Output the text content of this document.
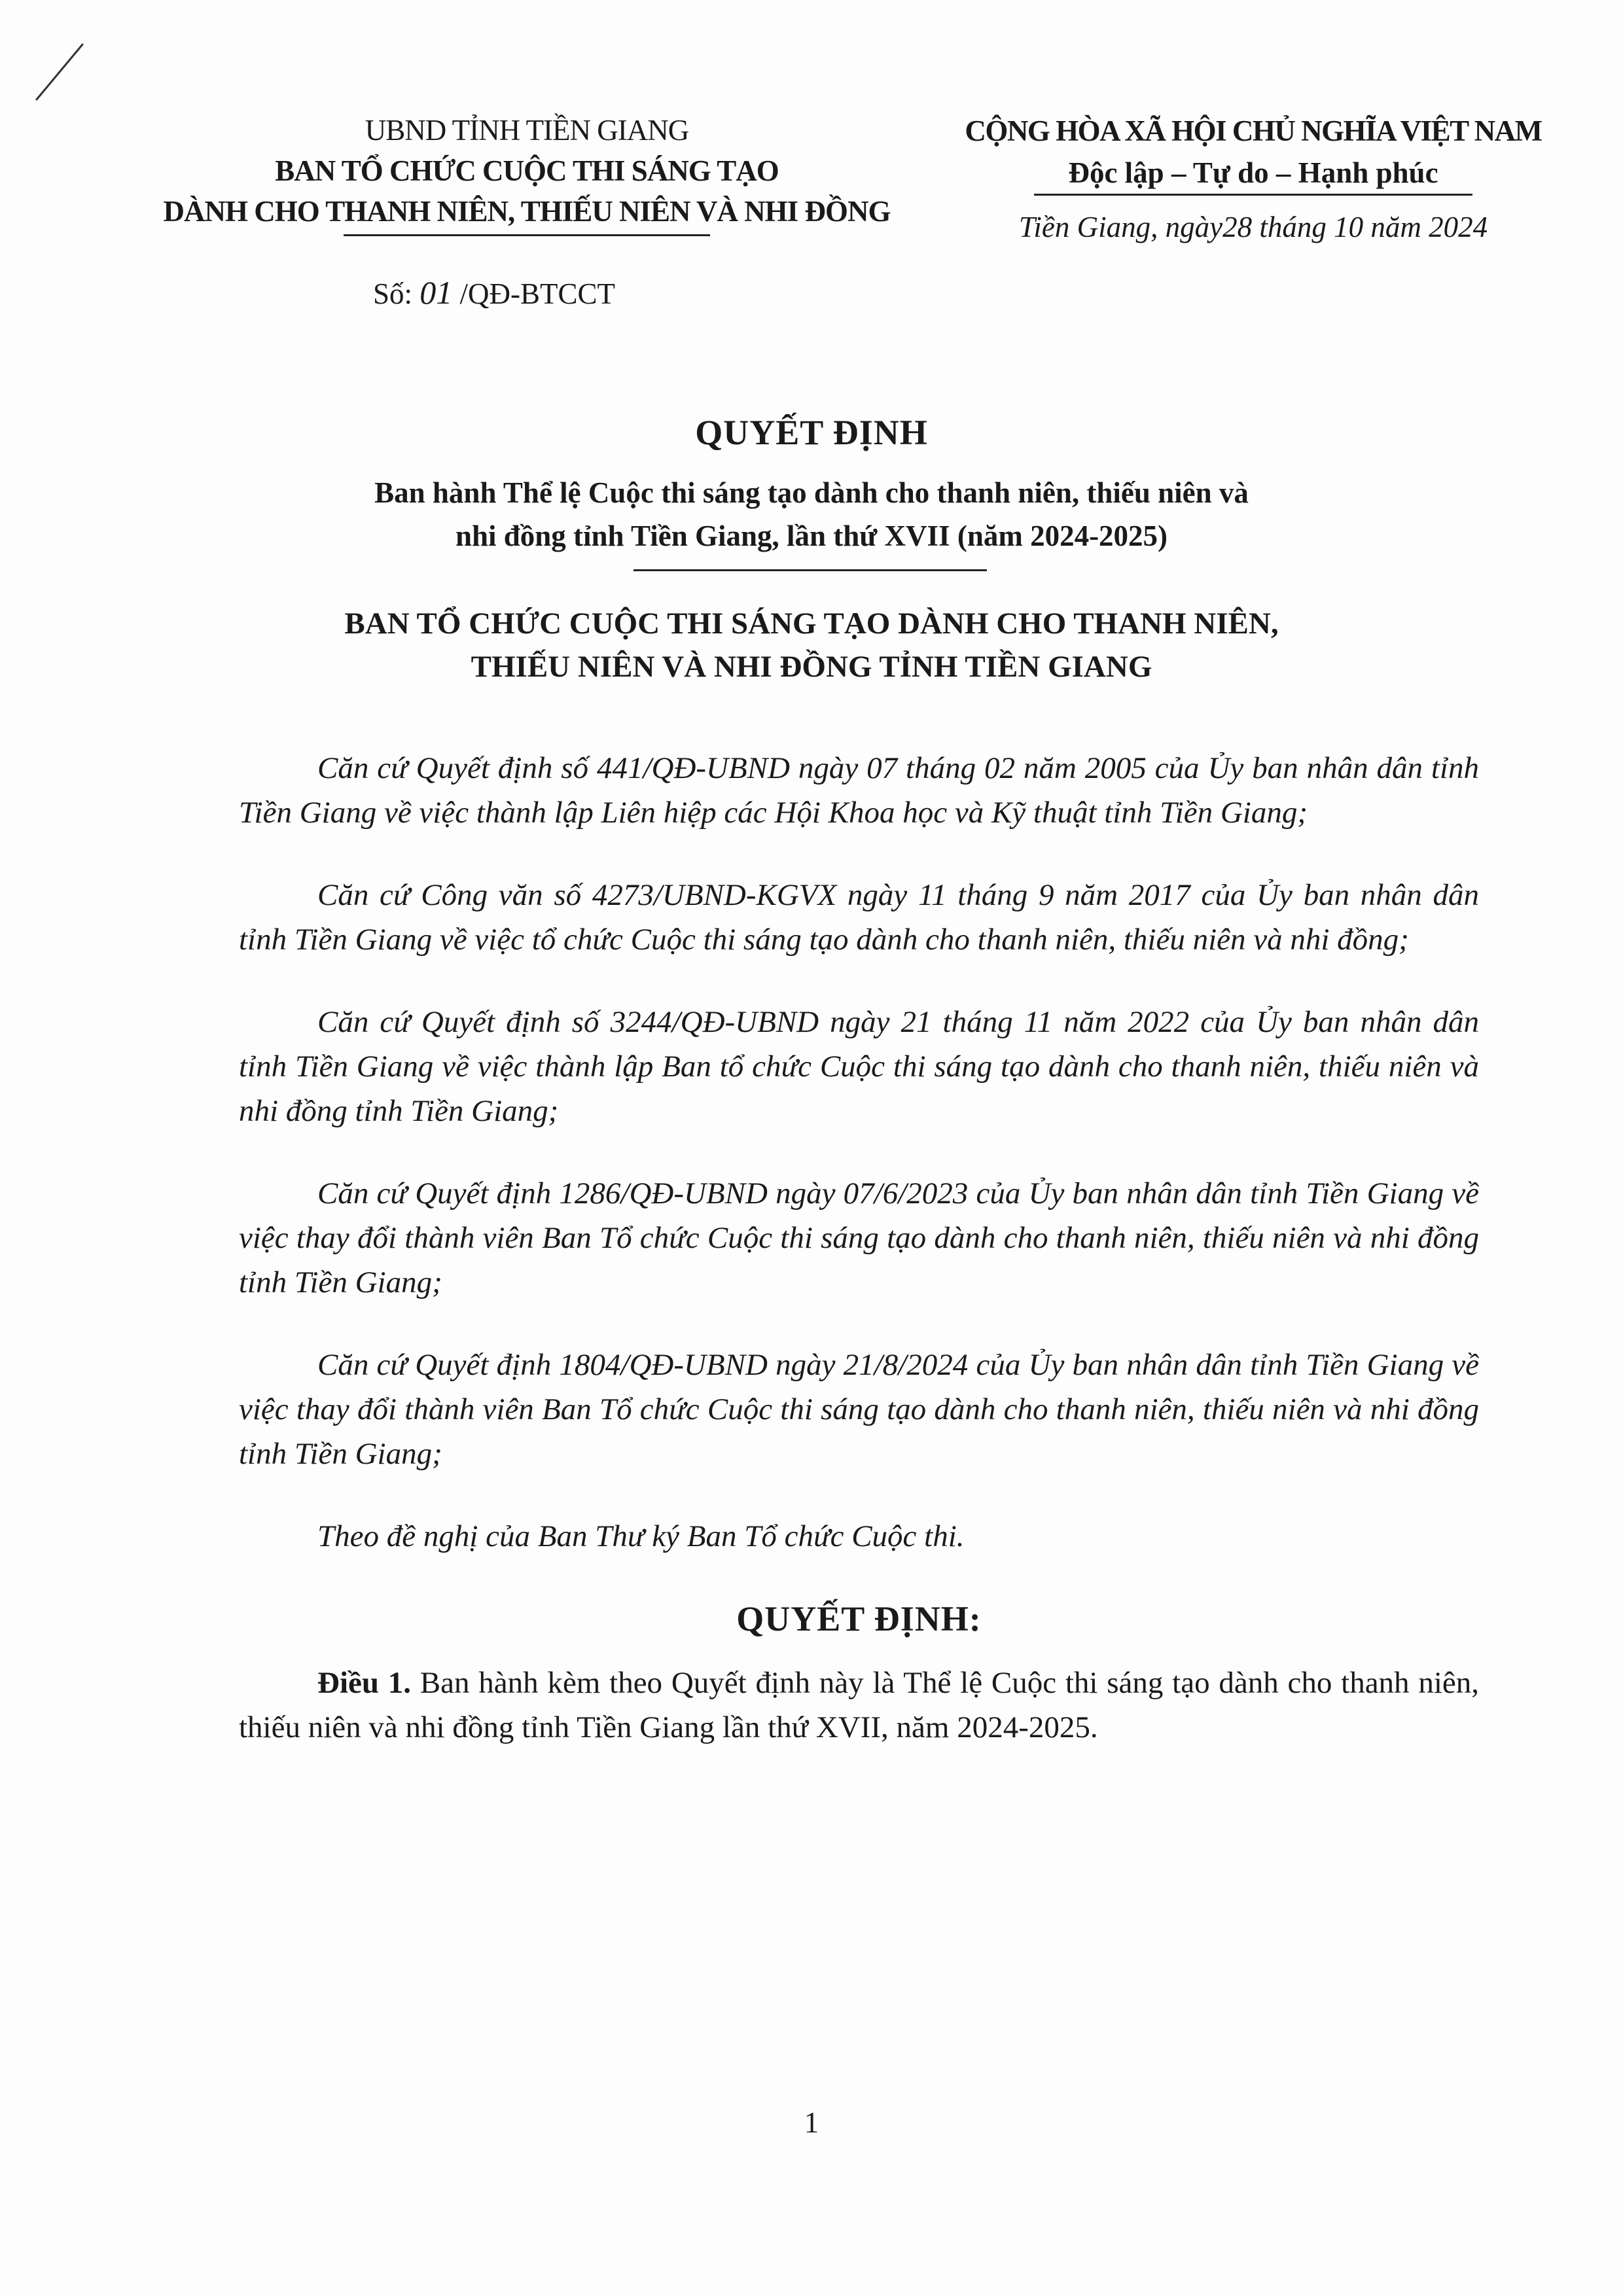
UBND TỈNH TIỀN GIANG
BAN TỔ CHỨC CUỘC THI SÁNG TẠO
DÀNH CHO THANH NIÊN, THIẾU NIÊN VÀ NHI ĐỒNG
CỘNG HÒA XÃ HỘI CHỦ NGHĨA VIỆT NAM
Độc lập – Tự do – Hạnh phúc
Tiền Giang, ngày28 tháng 10 năm 2024
Số: 01 /QĐ-BTCCT
QUYẾT ĐỊNH
Ban hành Thể lệ Cuộc thi sáng tạo dành cho thanh niên, thiếu niên và
nhi đồng tỉnh Tiền Giang, lần thứ XVII (năm 2024-2025)
BAN TỔ CHỨC CUỘC THI SÁNG TẠO DÀNH CHO THANH NIÊN,
THIẾU NIÊN VÀ NHI ĐỒNG TỈNH TIỀN GIANG

Căn cứ Quyết định số 441/QĐ-UBND ngày 07 tháng 02 năm 2005 của Ủy ban nhân dân tỉnh Tiền Giang về việc thành lập Liên hiệp các Hội Khoa học và Kỹ thuật tỉnh Tiền Giang;

Căn cứ Công văn số 4273/UBND-KGVX ngày 11 tháng 9 năm 2017 của Ủy ban nhân dân tỉnh Tiền Giang về việc tổ chức Cuộc thi sáng tạo dành cho thanh niên, thiếu niên và nhi đồng;

Căn cứ Quyết định số 3244/QĐ-UBND ngày 21 tháng 11 năm 2022 của Ủy ban nhân dân tỉnh Tiền Giang về việc thành lập Ban tổ chức Cuộc thi sáng tạo dành cho thanh niên, thiếu niên và nhi đồng tỉnh Tiền Giang;

Căn cứ Quyết định 1286/QĐ-UBND ngày 07/6/2023 của Ủy ban nhân dân tỉnh Tiền Giang về việc thay đổi thành viên Ban Tổ chức Cuộc thi sáng tạo dành cho thanh niên, thiếu niên và nhi đồng tỉnh Tiền Giang;

Căn cứ Quyết định 1804/QĐ-UBND ngày 21/8/2024 của Ủy ban nhân dân tỉnh Tiền Giang về việc thay đổi thành viên Ban Tổ chức Cuộc thi sáng tạo dành cho thanh niên, thiếu niên và nhi đồng tỉnh Tiền Giang;

Theo đề nghị của Ban Thư ký Ban Tổ chức Cuộc thi.

QUYẾT ĐỊNH:

Điều 1. Ban hành kèm theo Quyết định này là Thể lệ Cuộc thi sáng tạo dành cho thanh niên, thiếu niên và nhi đồng tỉnh Tiền Giang lần thứ XVII, năm 2024-2025.

1
